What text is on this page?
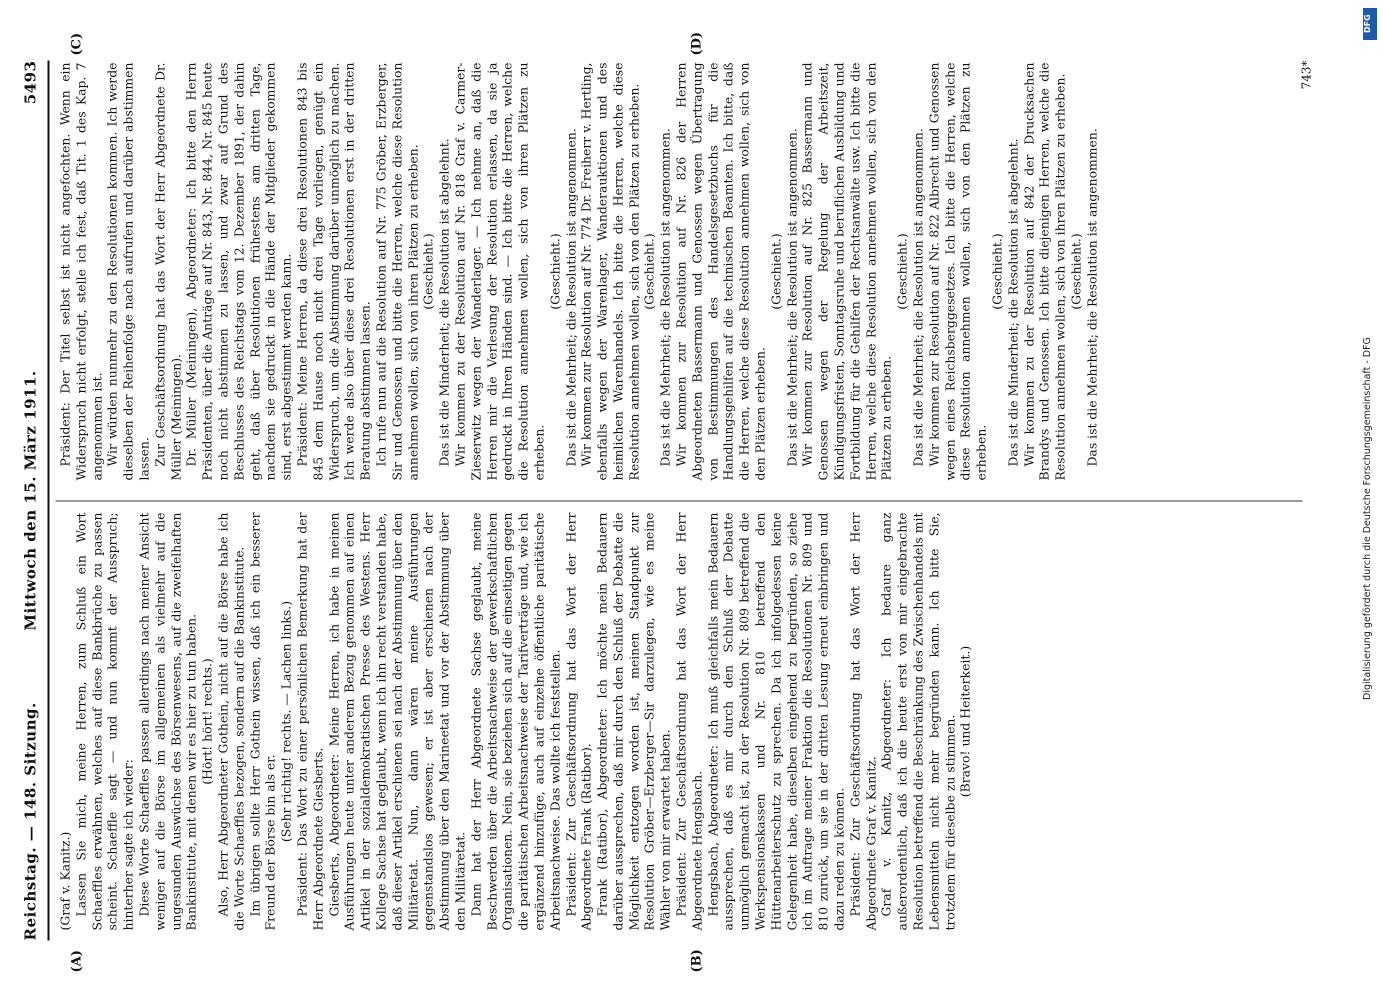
Reichstag. — 148. Sitzung.
Mittwoch den 15. März 1911.
5493
(A)	(B)
(C)	(D)

(Graf v. Kanitz.) Lassen Sie mich, meine Herren, zum Schluß ein Wort Schaeffles erwähnen, welches auf diese Bankbrüche zu passen scheint. Schaeffle sagt — und nun kommt der Ausspruch; hinterher sagte ich wieder: Diese Worte Schaeffles passen allerdings nach meiner Ansicht weniger auf die Börse im allgemeinen als vielmehr auf die ungesunden Auswüchse des Börsenwesens, auf die zweifelhaften Bankinstitute, mit denen wir es hier zu tun haben. (Hört! hört! rechts.) Also, Herr Abgeordneter Gothein, nicht auf die Börse habe ich die Worte Schaeffles bezogen, sondern auf die Bankinstitute. Im übrigen sollte Herr Gothein wissen, daß ich ein besserer Freund der Börse bin als er.

(Sehr richtig! rechts. — Lachen links.) Präsident: Das Wort zu einer persönlichen Bemerkung hat der Herr Abgeordnete Giesberts. Giesberts, Abgeordneter: Meine Herren, ich habe in meinen Ausführungen heute unter anderem Bezug genommen auf einen Artikel in der sozialdemokratischen Presse des Westens. Herr Kollege Sachse hat geglaubt, wenn ich ihn recht verstanden habe, daß dieser Artikel erschienen sei nach der Abstimmung über den Militäretat. Nun, dann wären meine Ausführungen gegenstandslos gewesen; er ist aber erschienen nach der Abstimmung über den Marineetat und vor der Abstimmung über den Militäretat. Dann hat der Herr Abgeordnete Sachse geglaubt, meine Beschwerden über die Arbeitsnachweise der gewerkschaftlichen Organisationen. Nein, sie beziehen sich auf die einseitigen gegen die paritätischen Arbeitsnachweise der Tarifverträge und, wie ich ergänzend hinzufüge, auch auf einzelne öffentliche paritätische Arbeitsnachweise. Das wollte ich feststellen. Präsident: Zur Geschäftsordnung hat das Wort der Herr Abgeordnete Frank (Ratibor). Frank (Ratibor), Abgeordneter: Ich möchte mein Bedauern darüber aussprechen, daß mir durch den Schluß der Debatte die Möglichkeit entzogen worden ist, meinen Standpunkt zur Resolution Gröber—Erzberger—Sir darzulegen, wie es meine Wähler von mir erwartet haben. Präsident: Zur Geschäftsordnung hat das Wort der Herr Abgeordnete Hengsbach. Hengsbach, Abgeordneter: Ich muß gleichfalls mein Bedauern aussprechen, daß es mir durch den Schluß der Debatte unmöglich gemacht ist, zu der Resolution Nr. 809 betreffend die Werkspensionskassen und Nr. 810 betreffend den Hüttenarbeiterschutz zu sprechen. Da ich infolgedessen keine Gelegenheit habe, dieselben eingehend zu begründen, so ziehe ich im Auftrage meiner Fraktion die Resolutionen Nr. 809 und 810 zurück, um sie in der dritten Lesung erneut einbringen und dazu reden zu können. Präsident: Zur Geschäftsordnung hat das Wort der Herr Abgeordnete Graf v. Kanitz. Graf v. Kanitz, Abgeordneter: Ich bedaure ganz außerordentlich, daß ich die heute erst von mir eingebrachte Resolution betreffend die Beschränkung des Zwischenhandels mit Lebensmitteln nicht mehr begründen kann. Ich bitte Sie, trotzdem für dieselbe zu stimmen. (Bravo! und Heiterkeit.)

Präsident: Der Titel selbst ist nicht angefochten. Wenn ein Widerspruch nicht erfolgt, stelle ich fest, daß Tit. 1 des Kap. 7 angenommen ist. Wir würden nunmehr zu den Resolutionen kommen. Ich werde dieselben der Reihenfolge nach aufrufen und darüber abstimmen lassen. Zur Geschäftsordnung hat das Wort der Herr Abgeordnete Dr. Müller (Meiningen). Dr. Müller (Meiningen), Abgeordneter: Ich bitte den Herrn Präsidenten, über die Anträge auf Nr. 843, Nr. 844, Nr. 845 heute noch nicht abstimmen zu lassen, und zwar auf Grund des Beschlusses des Reichstags vom 12. Dezember 1891, der dahin geht, daß über Resolutionen frühestens am dritten Tage, nachdem sie gedruckt in die Hände der Mitglieder gekommen sind, erst abgestimmt werden kann. Präsident: Meine Herren, da diese drei Resolutionen 843 bis 845 dem Hause noch nicht drei Tage vorliegen, genügt ein Widerspruch, um die Abstimmung darüber unmöglich zu machen. Ich werde also über diese drei Resolutionen erst in der dritten Beratung abstimmen lassen. Ich rufe nun auf die Resolution auf Nr. 775 Gröber, Erzberger, Sir und Genossen und bitte die Herren, welche diese Resolution annehmen wollen, sich von ihren Plätzen zu erheben. (Geschieht.) Das ist die Minderheit; die Resolution ist abgelehnt. Wir kommen zu der Resolution auf Nr. 818 Graf v. Carmer-Zieserwitz wegen der Wanderlager. — Ich nehme an, daß die Herren mir die Verlesung der Resolution erlassen, da sie ja gedruckt in Ihren Händen sind. — Ich bitte die Herren, welche die Resolution annehmen wollen, sich von ihren Plätzen zu erheben.

(Geschieht.) Das ist die Mehrheit; die Resolution ist angenommen. Wir kommen zur Resolution auf Nr. 774 Dr. Freiherr v. Hertling, ebenfalls wegen der Warenlager, Wanderauktionen und des heimlichen Warenhandels. Ich bitte die Herren, welche diese Resolution annehmen wollen, sich von den Plätzen zu erheben. (Geschieht.) Das ist die Mehrheit; die Resolution ist angenommen. Wir kommen zur Resolution auf Nr. 826 der Herren Abgeordneten Bassermann und Genossen wegen Übertragung von Bestimmungen des Handelsgesetzbuchs für die Handlungsgehilfen auf die technischen Beamten. Ich bitte, daß die Herren, welche diese Resolution annehmen wollen, sich von den Plätzen erheben.

(Geschieht.) Das ist die Mehrheit; die Resolution ist angenommen. Wir kommen zur Resolution auf Nr. 825 Bassermann und Genossen wegen der Regelung der Arbeitszeit, Kündigungsfristen, Sonntagsruhe und beruflichen Ausbildung und Fortbildung für die Gehilfen der Rechtsanwälte usw. Ich bitte die Herren, welche diese Resolution annehmen wollen, sich von den Plätzen zu erheben.

(Geschieht.) Das ist die Mehrheit; die Resolution ist angenommen. Wir kommen zur Resolution auf Nr. 822 Albrecht und Genossen wegen eines Reichsberggesetzes. Ich bitte die Herren, welche diese Resolution annehmen wollen, sich von den Plätzen zu erheben.

(Geschieht.) Das ist die Minderheit; die Resolution ist abgelehnt. Wir kommen zu der Resolution auf 842 der Drucksachen Brandys und Genossen. Ich bitte diejenigen Herren, welche die Resolution annehmen wollen, sich von ihren Plätzen zu erheben. (Geschieht.) Das ist die Mehrheit; die Resolution ist angenommen.

743*
Digitalisierung gefördert durch die Deutsche Forschungsgemeinschaft - DFG
DFG
